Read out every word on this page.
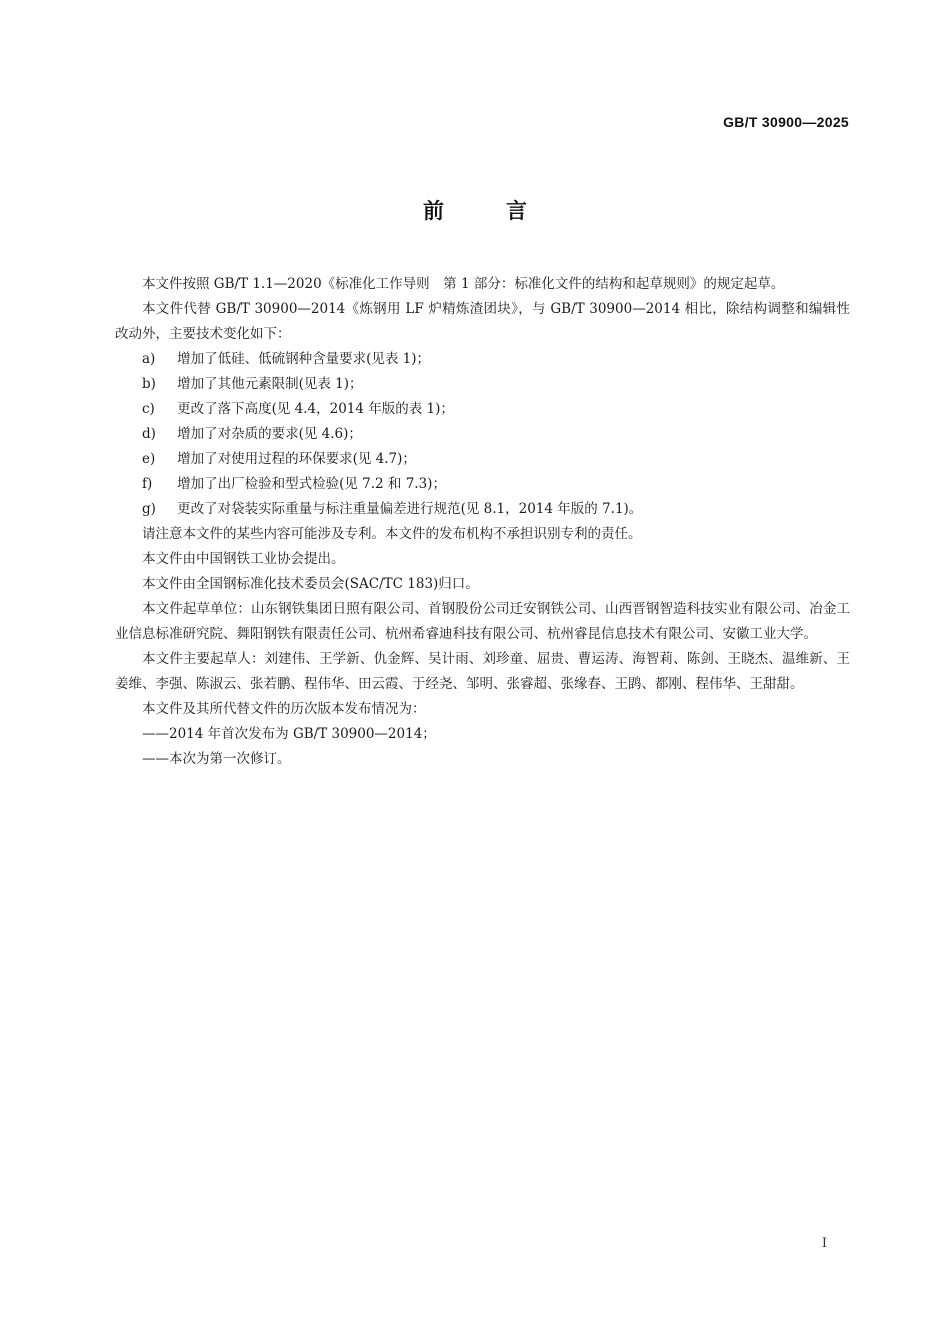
GB/T 30900—2025
前言

本文件按照 GB/T 1.1—2020《标准化工作导则　第 1 部分：标准化文件的结构和起草规则》的规定起草。

本文件代替 GB/T 30900—2014《炼钢用 LF 炉精炼渣团块》，与 GB/T 30900—2014 相比，除结构调整和编辑性改动外，主要技术变化如下：

a) 增加了低硅、低硫钢种含量要求(见表 1)；

b) 增加了其他元素限制(见表 1)；

c) 更改了落下高度(见 4.4，2014 年版的表 1)；

d) 增加了对杂质的要求(见 4.6)；

e) 增加了对使用过程的环保要求(见 4.7)；

f) 增加了出厂检验和型式检验(见 7.2 和 7.3)；

g) 更改了对袋装实际重量与标注重量偏差进行规范(见 8.1，2014 年版的 7.1)。

请注意本文件的某些内容可能涉及专利。本文件的发布机构不承担识别专利的责任。

本文件由中国钢铁工业协会提出。

本文件由全国钢标准化技术委员会(SAC/TC 183)归口。

本文件起草单位：山东钢铁集团日照有限公司、首钢股份公司迁安钢铁公司、山西晋钢智造科技实业有限公司、冶金工业信息标准研究院、舞阳钢铁有限责任公司、杭州希睿迪科技有限公司、杭州睿昆信息技术有限公司、安徽工业大学。

本文件主要起草人：刘建伟、王学新、仇金辉、吴计雨、刘珍童、屈贵、曹运涛、海智莉、陈剑、王晓杰、温维新、王姜维、李强、陈淑云、张若鹏、程伟华、田云霞、于经尧、邹明、张睿超、张缘春、王鹍、都刚、程伟华、王甜甜。

本文件及其所代替文件的历次版本发布情况为：

——2014 年首次发布为 GB/T 30900—2014；

——本次为第一次修订。

I
